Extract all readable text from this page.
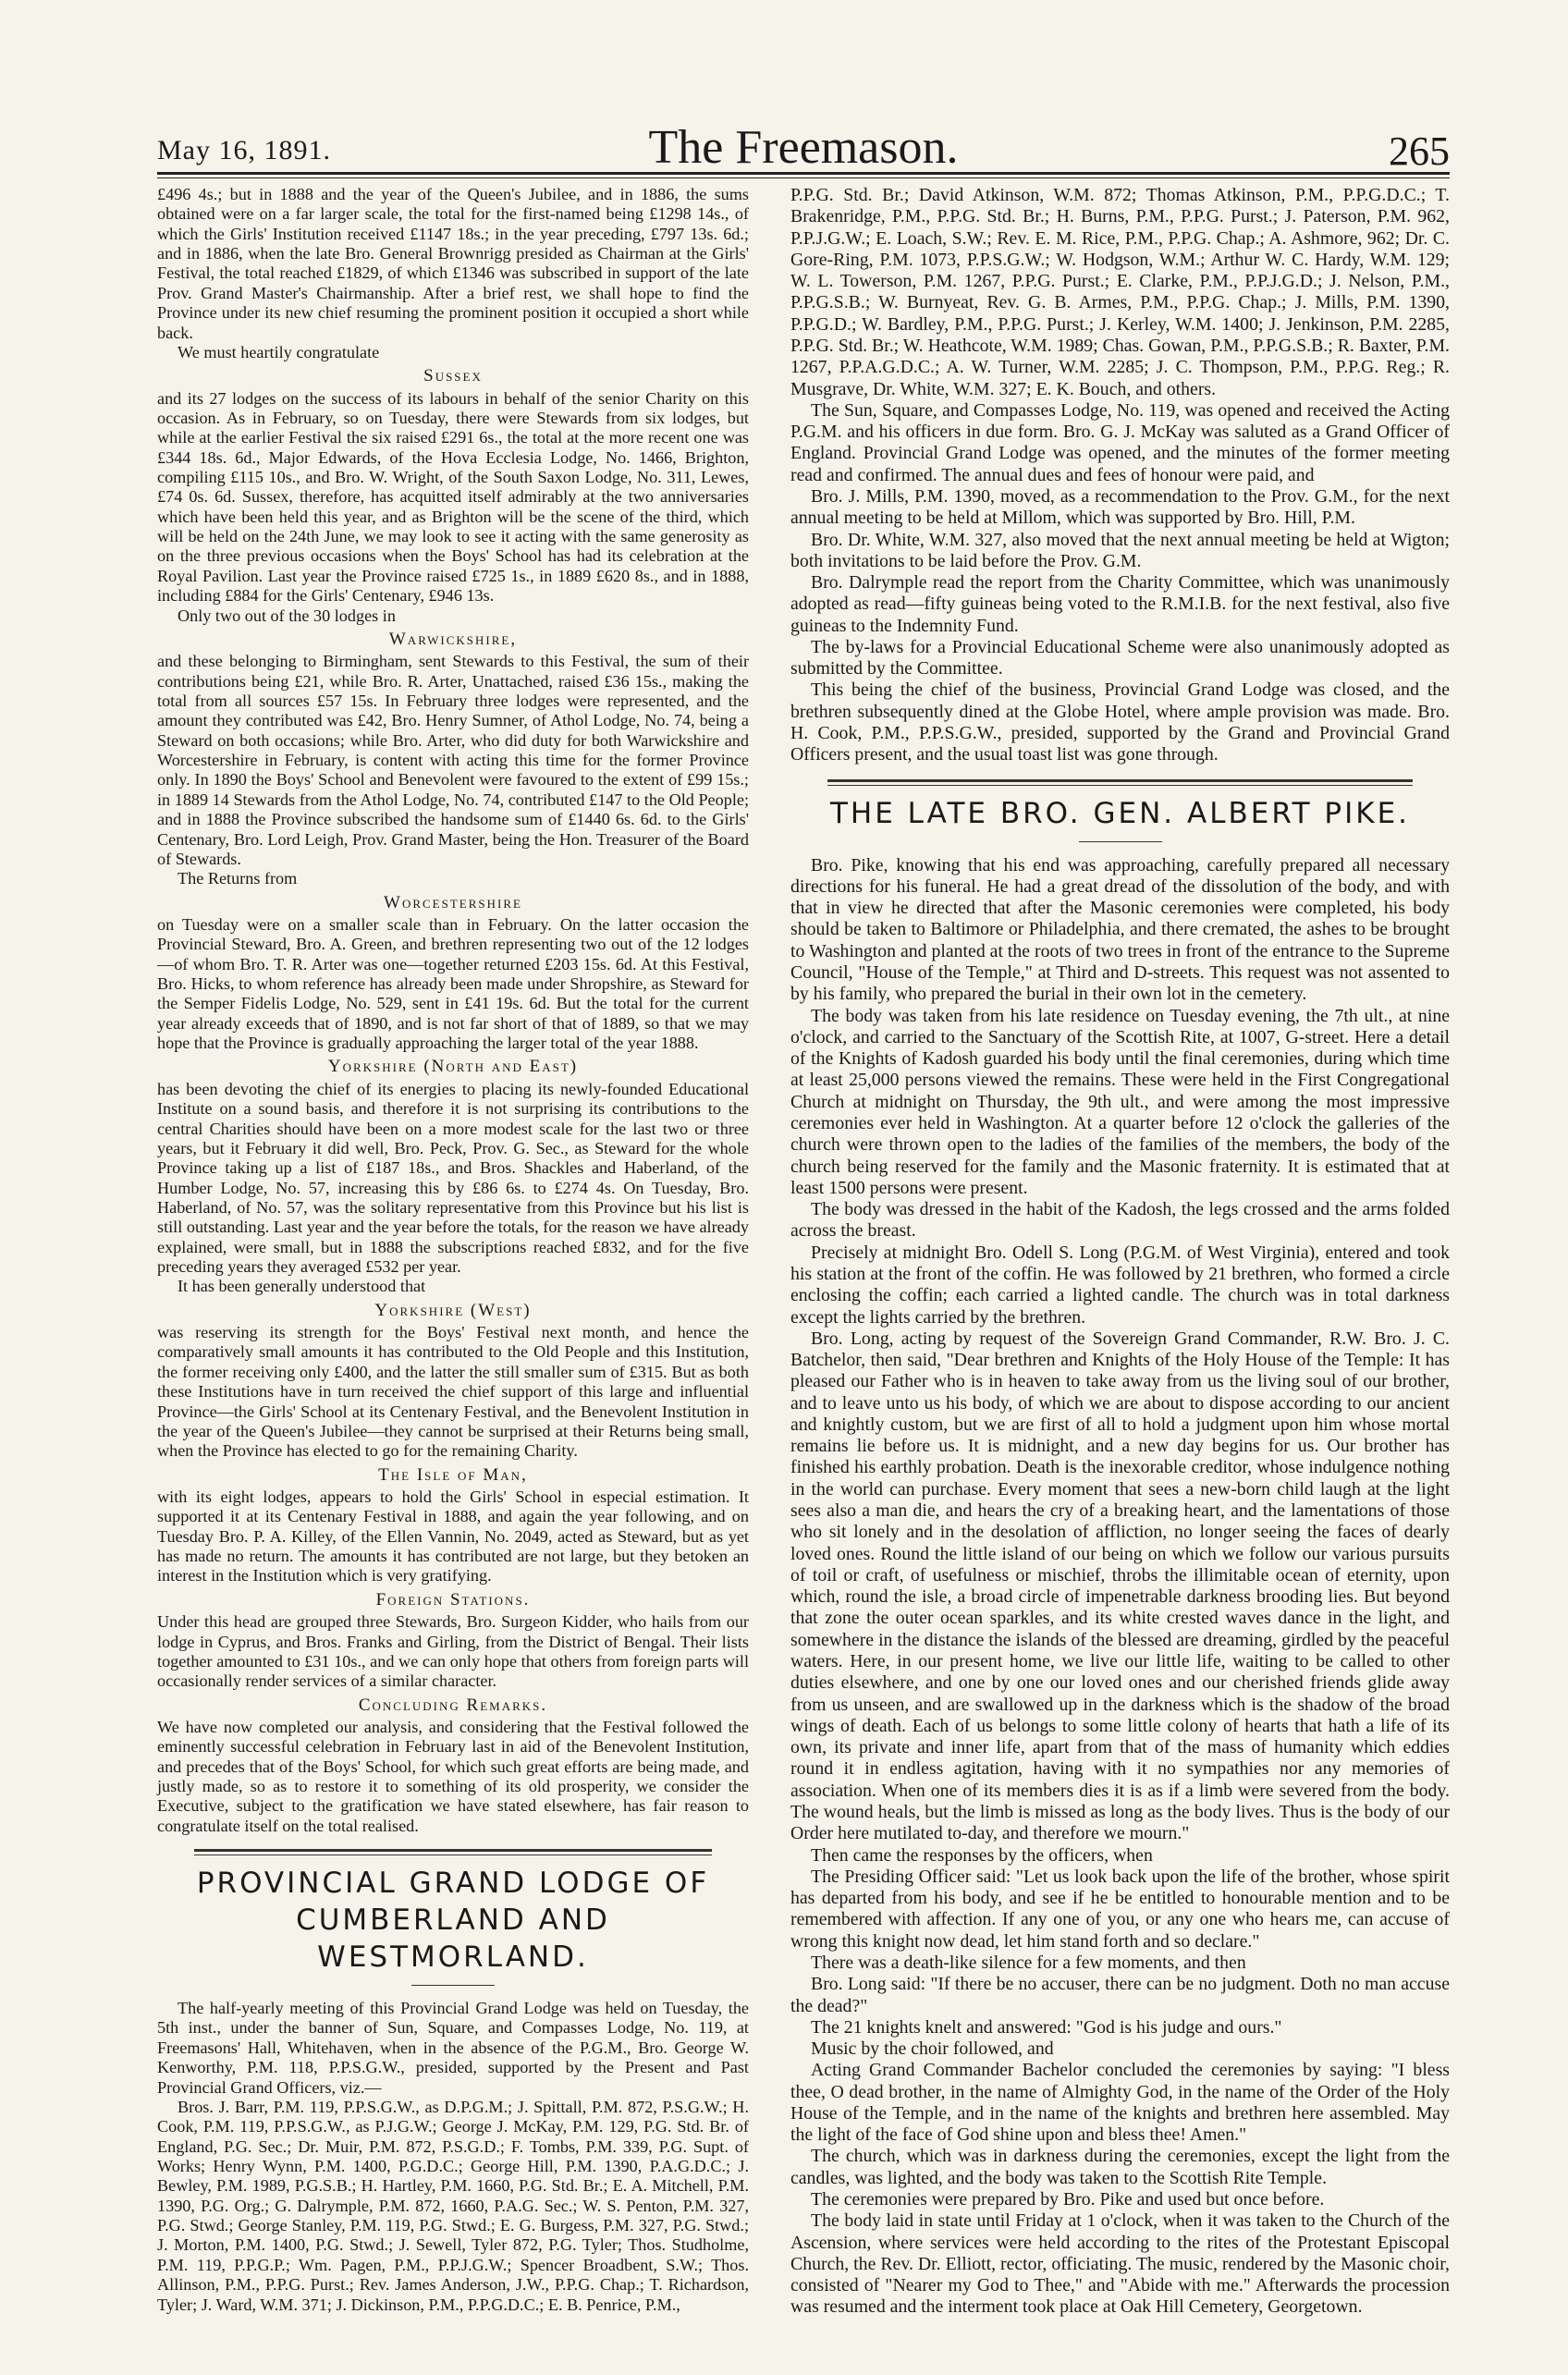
May 16, 1891.	The Freemason.	265

£496 4s.; but in 1888 and the year of the Queen's Jubilee, and in 1886, the sums obtained were on a far larger scale, the total for the first-named being £1298 14s., of which the Girls' Institution received £1147 18s.; in the year preceding, £797 13s. 6d.; and in 1886, when the late Bro. General Brownrigg presided as Chairman at the Girls' Festival, the total reached £1829, of which £1346 was subscribed in support of the late Prov. Grand Master's Chairmanship. After a brief rest, we shall hope to find the Province under its new chief resuming the prominent position it occupied a short while back.

We must heartily congratulate

Sussex

and its 27 lodges on the success of its labours in behalf of the senior Charity on this occasion. As in February, so on Tuesday, there were Stewards from six lodges, but while at the earlier Festival the six raised £291 6s., the total at the more recent one was £344 18s. 6d., Major Edwards, of the Hova Ecclesia Lodge, No. 1466, Brighton, compiling £115 10s., and Bro. W. Wright, of the South Saxon Lodge, No. 311, Lewes, £74 0s. 6d. Sussex, therefore, has acquitted itself admirably at the two anniversaries which have been held this year, and as Brighton will be the scene of the third, which will be held on the 24th June, we may look to see it acting with the same generosity as on the three previous occasions when the Boys' School has had its celebration at the Royal Pavilion. Last year the Province raised £725 1s., in 1889 £620 8s., and in 1888, including £884 for the Girls' Centenary, £946 13s.

Only two out of the 30 lodges in

Warwickshire,

and these belonging to Birmingham, sent Stewards to this Festival, the sum of their contributions being £21, while Bro. R. Arter, Unattached, raised £36 15s., making the total from all sources £57 15s. In February three lodges were represented, and the amount they contributed was £42, Bro. Henry Sumner, of Athol Lodge, No. 74, being a Steward on both occasions; while Bro. Arter, who did duty for both Warwickshire and Worcestershire in February, is content with acting this time for the former Province only. In 1890 the Boys' School and Benevolent were favoured to the extent of £99 15s.; in 1889 14 Stewards from the Athol Lodge, No. 74, contributed £147 to the Old People; and in 1888 the Province subscribed the handsome sum of £1440 6s. 6d. to the Girls' Centenary, Bro. Lord Leigh, Prov. Grand Master, being the Hon. Treasurer of the Board of Stewards.

The Returns from

Worcestershire

on Tuesday were on a smaller scale than in February. On the latter occasion the Provincial Steward, Bro. A. Green, and brethren representing two out of the 12 lodges—of whom Bro. T. R. Arter was one—together returned £203 15s. 6d. At this Festival, Bro. Hicks, to whom reference has already been made under Shropshire, as Steward for the Semper Fidelis Lodge, No. 529, sent in £41 19s. 6d. But the total for the current year already exceeds that of 1890, and is not far short of that of 1889, so that we may hope that the Province is gradually approaching the larger total of the year 1888.

Yorkshire (North and East)

has been devoting the chief of its energies to placing its newly-founded Educational Institute on a sound basis, and therefore it is not surprising its contributions to the central Charities should have been on a more modest scale for the last two or three years, but it February it did well, Bro. Peck, Prov. G. Sec., as Steward for the whole Province taking up a list of £187 18s., and Bros. Shackles and Haberland, of the Humber Lodge, No. 57, increasing this by £86 6s. to £274 4s. On Tuesday, Bro. Haberland, of No. 57, was the solitary representative from this Province but his list is still outstanding. Last year and the year before the totals, for the reason we have already explained, were small, but in 1888 the subscriptions reached £832, and for the five preceding years they averaged £532 per year.

It has been generally understood that

Yorkshire (West)

was reserving its strength for the Boys' Festival next month, and hence the comparatively small amounts it has contributed to the Old People and this Institution, the former receiving only £400, and the latter the still smaller sum of £315. But as both these Institutions have in turn received the chief support of this large and influential Province—the Girls' School at its Centenary Festival, and the Benevolent Institution in the year of the Queen's Jubilee—they cannot be surprised at their Returns being small, when the Province has elected to go for the remaining Charity.

The Isle of Man,

with its eight lodges, appears to hold the Girls' School in especial estimation. It supported it at its Centenary Festival in 1888, and again the year following, and on Tuesday Bro. P. A. Killey, of the Ellen Vannin, No. 2049, acted as Steward, but as yet has made no return. The amounts it has contributed are not large, but they betoken an interest in the Institution which is very gratifying.

Foreign Stations.

Under this head are grouped three Stewards, Bro. Surgeon Kidder, who hails from our lodge in Cyprus, and Bros. Franks and Girling, from the District of Bengal. Their lists together amounted to £31 10s., and we can only hope that others from foreign parts will occasionally render services of a similar character.

Concluding Remarks.

We have now completed our analysis, and considering that the Festival followed the eminently successful celebration in February last in aid of the Benevolent Institution, and precedes that of the Boys' School, for which such great efforts are being made, and justly made, so as to restore it to something of its old prosperity, we consider the Executive, subject to the gratification we have stated elsewhere, has fair reason to congratulate itself on the total realised.

PROVINCIAL GRAND LODGE OF
CUMBERLAND AND WESTMORLAND.

The half-yearly meeting of this Provincial Grand Lodge was held on Tuesday, the 5th inst., under the banner of Sun, Square, and Compasses Lodge, No. 119, at Freemasons' Hall, Whitehaven, when in the absence of the P.G.M., Bro. George W. Kenworthy, P.M. 118, P.P.S.G.W., presided, supported by the Present and Past Provincial Grand Officers, viz.—

Bros. J. Barr, P.M. 119, P.P.S.G.W., as D.P.G.M.; J. Spittall, P.M. 872, P.S.G.W.; H. Cook, P.M. 119, P.P.S.G.W., as P.J.G.W.; George J. McKay, P.M. 129, P.G. Std. Br. of England, P.G. Sec.; Dr. Muir, P.M. 872, P.S.G.D.; F. Tombs, P.M. 339, P.G. Supt. of Works; Henry Wynn, P.M. 1400, P.G.D.C.; George Hill, P.M. 1390, P.A.G.D.C.; J. Bewley, P.M. 1989, P.G.S.B.; H. Hartley, P.M. 1660, P.G. Std. Br.; E. A. Mitchell, P.M. 1390, P.G. Org.; G. Dalrymple, P.M. 872, 1660, P.A.G. Sec.; W. S. Penton, P.M. 327, P.G. Stwd.; George Stanley, P.M. 119, P.G. Stwd.; E. G. Burgess, P.M. 327, P.G. Stwd.; J. Morton, P.M. 1400, P.G. Stwd.; J. Sewell, Tyler 872, P.G. Tyler; Thos. Studholme, P.M. 119, P.P.G.P.; Wm. Pagen, P.M., P.P.J.G.W.; Spencer Broadbent, S.W.; Thos. Allinson, P.M., P.P.G. Purst.; Rev. James Anderson, J.W., P.P.G. Chap.; T. Richardson, Tyler; J. Ward, W.M. 371; J. Dickinson, P.M., P.P.G.D.C.; E. B. Penrice, P.M.,

P.P.G. Std. Br.; David Atkinson, W.M. 872; Thomas Atkinson, P.M., P.P.G.D.C.; T. Brakenridge, P.M., P.P.G. Std. Br.; H. Burns, P.M., P.P.G. Purst.; J. Paterson, P.M. 962, P.P.J.G.W.; E. Loach, S.W.; Rev. E. M. Rice, P.M., P.P.G. Chap.; A. Ashmore, 962; Dr. C. Gore-Ring, P.M. 1073, P.P.S.G.W.; W. Hodgson, W.M.; Arthur W. C. Hardy, W.M. 129; W. L. Towerson, P.M. 1267, P.P.G. Purst.; E. Clarke, P.M., P.P.J.G.D.; J. Nelson, P.M., P.P.G.S.B.; W. Burnyeat, Rev. G. B. Armes, P.M., P.P.G. Chap.; J. Mills, P.M. 1390, P.P.G.D.; W. Bardley, P.M., P.P.G. Purst.; J. Kerley, W.M. 1400; J. Jenkinson, P.M. 2285, P.P.G. Std. Br.; W. Heathcote, W.M. 1989; Chas. Gowan, P.M., P.P.G.S.B.; R. Baxter, P.M. 1267, P.P.A.G.D.C.; A. W. Turner, W.M. 2285; J. C. Thompson, P.M., P.P.G. Reg.; R. Musgrave, Dr. White, W.M. 327; E. K. Bouch, and others.

The Sun, Square, and Compasses Lodge, No. 119, was opened and received the Acting P.G.M. and his officers in due form. Bro. G. J. McKay was saluted as a Grand Officer of England. Provincial Grand Lodge was opened, and the minutes of the former meeting read and confirmed. The annual dues and fees of honour were paid, and

Bro. J. Mills, P.M. 1390, moved, as a recommendation to the Prov. G.M., for the next annual meeting to be held at Millom, which was supported by Bro. Hill, P.M.

Bro. Dr. White, W.M. 327, also moved that the next annual meeting be held at Wigton; both invitations to be laid before the Prov. G.M.

Bro. Dalrymple read the report from the Charity Committee, which was unanimously adopted as read—fifty guineas being voted to the R.M.I.B. for the next festival, also five guineas to the Indemnity Fund.

The by-laws for a Provincial Educational Scheme were also unanimously adopted as submitted by the Committee.

This being the chief of the business, Provincial Grand Lodge was closed, and the brethren subsequently dined at the Globe Hotel, where ample provision was made. Bro. H. Cook, P.M., P.P.S.G.W., presided, supported by the Grand and Provincial Grand Officers present, and the usual toast list was gone through.

THE LATE BRO. GEN. ALBERT PIKE.

Bro. Pike, knowing that his end was approaching, carefully prepared all necessary directions for his funeral. He had a great dread of the dissolution of the body, and with that in view he directed that after the Masonic ceremonies were completed, his body should be taken to Baltimore or Philadelphia, and there cremated, the ashes to be brought to Washington and planted at the roots of two trees in front of the entrance to the Supreme Council, "House of the Temple," at Third and D-streets. This request was not assented to by his family, who prepared the burial in their own lot in the cemetery.

The body was taken from his late residence on Tuesday evening, the 7th ult., at nine o'clock, and carried to the Sanctuary of the Scottish Rite, at 1007, G-street. Here a detail of the Knights of Kadosh guarded his body until the final ceremonies, during which time at least 25,000 persons viewed the remains. These were held in the First Congregational Church at midnight on Thursday, the 9th ult., and were among the most impressive ceremonies ever held in Washington. At a quarter before 12 o'clock the galleries of the church were thrown open to the ladies of the families of the members, the body of the church being reserved for the family and the Masonic fraternity. It is estimated that at least 1500 persons were present.

The body was dressed in the habit of the Kadosh, the legs crossed and the arms folded across the breast.

Precisely at midnight Bro. Odell S. Long (P.G.M. of West Virginia), entered and took his station at the front of the coffin. He was followed by 21 brethren, who formed a circle enclosing the coffin; each carried a lighted candle. The church was in total darkness except the lights carried by the brethren.

Bro. Long, acting by request of the Sovereign Grand Commander, R.W. Bro. J. C. Batchelor, then said, "Dear brethren and Knights of the Holy House of the Temple: It has pleased our Father who is in heaven to take away from us the living soul of our brother, and to leave unto us his body, of which we are about to dispose according to our ancient and knightly custom, but we are first of all to hold a judgment upon him whose mortal remains lie before us. It is midnight, and a new day begins for us. Our brother has finished his earthly probation. Death is the inexorable creditor, whose indulgence nothing in the world can purchase. Every moment that sees a new-born child laugh at the light sees also a man die, and hears the cry of a breaking heart, and the lamentations of those who sit lonely and in the desolation of affliction, no longer seeing the faces of dearly loved ones. Round the little island of our being on which we follow our various pursuits of toil or craft, of usefulness or mischief, throbs the illimitable ocean of eternity, upon which, round the isle, a broad circle of impenetrable darkness brooding lies. But beyond that zone the outer ocean sparkles, and its white crested waves dance in the light, and somewhere in the distance the islands of the blessed are dreaming, girdled by the peaceful waters. Here, in our present home, we live our little life, waiting to be called to other duties elsewhere, and one by one our loved ones and our cherished friends glide away from us unseen, and are swallowed up in the darkness which is the shadow of the broad wings of death. Each of us belongs to some little colony of hearts that hath a life of its own, its private and inner life, apart from that of the mass of humanity which eddies round it in endless agitation, having with it no sympathies nor any memories of association. When one of its members dies it is as if a limb were severed from the body. The wound heals, but the limb is missed as long as the body lives. Thus is the body of our Order here mutilated to-day, and therefore we mourn."

Then came the responses by the officers, when

The Presiding Officer said: "Let us look back upon the life of the brother, whose spirit has departed from his body, and see if he be entitled to honourable mention and to be remembered with affection. If any one of you, or any one who hears me, can accuse of wrong this knight now dead, let him stand forth and so declare."

There was a death-like silence for a few moments, and then

Bro. Long said: "If there be no accuser, there can be no judgment. Doth no man accuse the dead?"

The 21 knights knelt and answered: "God is his judge and ours."

Music by the choir followed, and

Acting Grand Commander Bachelor concluded the ceremonies by saying: "I bless thee, O dead brother, in the name of Almighty God, in the name of the Order of the Holy House of the Temple, and in the name of the knights and brethren here assembled. May the light of the face of God shine upon and bless thee! Amen."

The church, which was in darkness during the ceremonies, except the light from the candles, was lighted, and the body was taken to the Scottish Rite Temple.

The ceremonies were prepared by Bro. Pike and used but once before.

The body laid in state until Friday at 1 o'clock, when it was taken to the Church of the Ascension, where services were held according to the rites of the Protestant Episcopal Church, the Rev. Dr. Elliott, rector, officiating. The music, rendered by the Masonic choir, consisted of "Nearer my God to Thee," and "Abide with me." Afterwards the procession was resumed and the interment took place at Oak Hill Cemetery, Georgetown.
